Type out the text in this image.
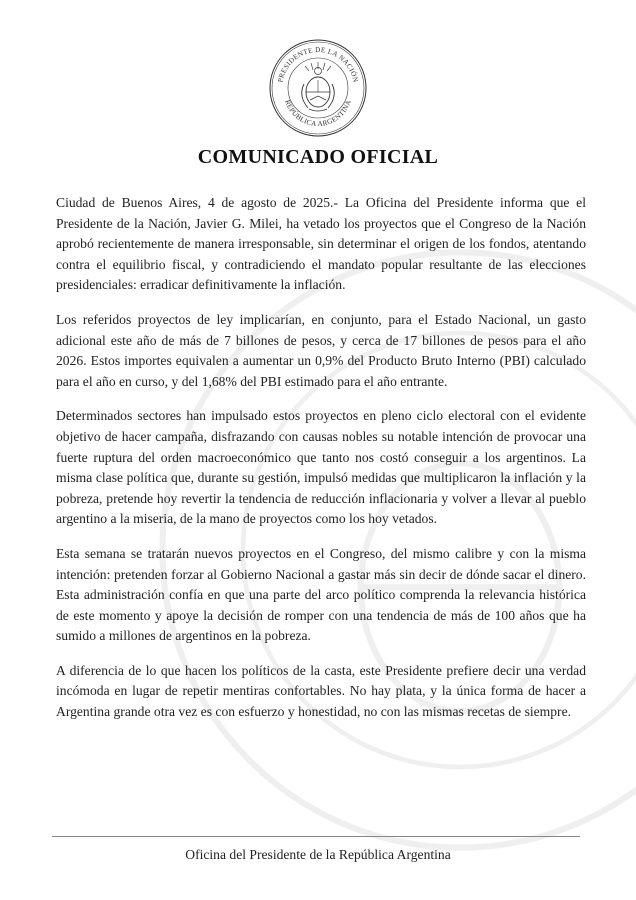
PRESIDENTE DE LA NACIÓN
REPÚBLICA ARGENTINA
COMUNICADO OFICIAL

Ciudad de Buenos Aires, 4 de agosto de 2025.- La Oficina del Presidente informa que el Presidente de la Nación, Javier G. Milei, ha vetado los proyectos que el Congreso de la Nación aprobó recientemente de manera irresponsable, sin determinar el origen de los fondos, atentando contra el equilibrio fiscal, y contradiciendo el mandato popular resultante de las elecciones presidenciales: erradicar definitivamente la inflación.

Los referidos proyectos de ley implicarían, en conjunto, para el Estado Nacional, un gasto adicional este año de más de 7 billones de pesos, y cerca de 17 billones de pesos para el año 2026. Estos importes equivalen a aumentar un 0,9% del Producto Bruto Interno (PBI) calculado para el año en curso, y del 1,68% del PBI estimado para el año entrante.

Determinados sectores han impulsado estos proyectos en pleno ciclo electoral con el evidente objetivo de hacer campaña, disfrazando con causas nobles su notable intención de provocar una fuerte ruptura del orden macroeconómico que tanto nos costó conseguir a los argentinos. La misma clase política que, durante su gestión, impulsó medidas que multiplicaron la inflación y la pobreza, pretende hoy revertir la tendencia de reducción inflacionaria y volver a llevar al pueblo argentino a la miseria, de la mano de proyectos como los hoy vetados.

Esta semana se tratarán nuevos proyectos en el Congreso, del mismo calibre y con la misma intención: pretenden forzar al Gobierno Nacional a gastar más sin decir de dónde sacar el dinero. Esta administración confía en que una parte del arco político comprenda la relevancia histórica de este momento y apoye la decisión de romper con una tendencia de más de 100 años que ha sumido a millones de argentinos en la pobreza.

A diferencia de lo que hacen los políticos de la casta, este Presidente prefiere decir una verdad incómoda en lugar de repetir mentiras confortables. No hay plata, y la única forma de hacer a Argentina grande otra vez es con esfuerzo y honestidad, no con las mismas recetas de siempre.

Oficina del Presidente de la República Argentina
